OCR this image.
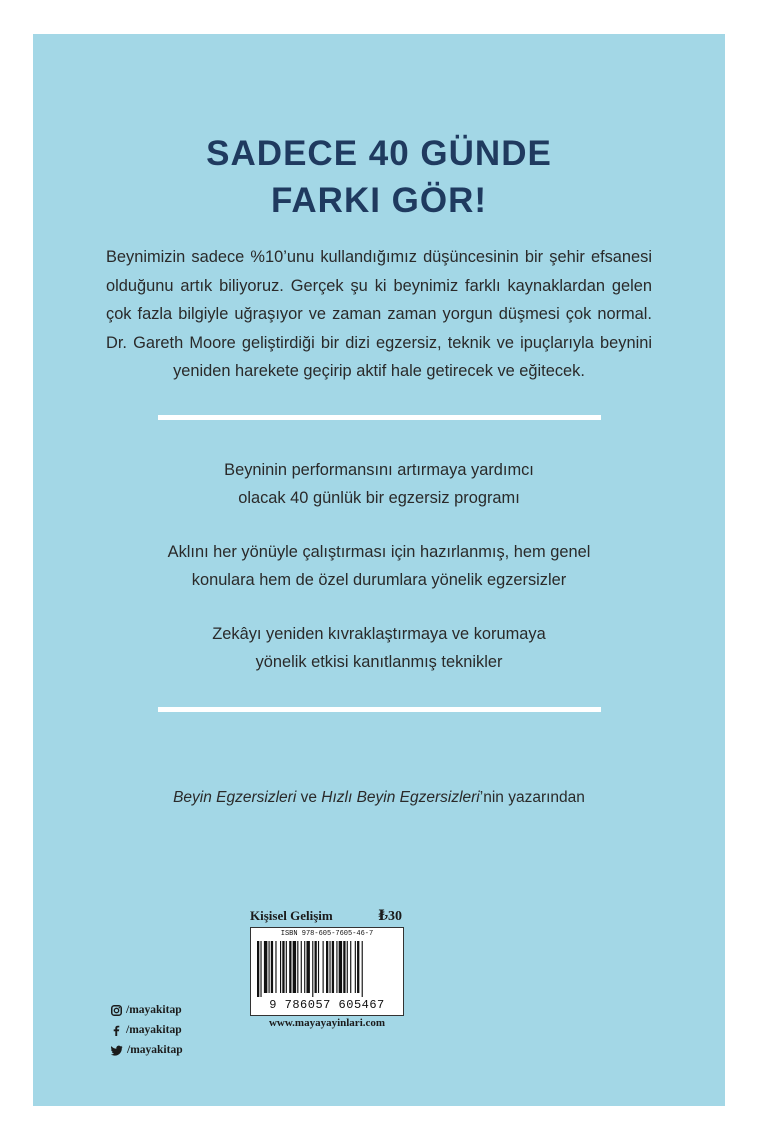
SADECE 40 GÜNDE
FARKI GÖR!
Beynimizin sadece %10’unu kullandığımız düşüncesinin bir şehir efsanesi olduğunu artık biliyoruz. Gerçek şu ki beynimiz farklı kaynaklardan gelen çok fazla bilgiyle uğraşıyor ve zaman zaman yorgun düşmesi çok normal. Dr. Gareth Moore geliştirdiği bir dizi egzersiz, teknik ve ipuçlarıyla beynini yeniden harekete geçirip aktif hale getirecek ve eğitecek.
Beyninin performansını artırmaya yardımcı
olacak 40 günlük bir egzersiz programı
Aklını her yönüyle çalıştırması için hazırlanmış, hem genel
konulara hem de özel durumlara yönelik egzersizler
Zekâyı yeniden kıvraklaştırmaya ve korumaya
yönelik etkisi kanıtlanmış teknikler
Beyin Egzersizleri ve Hızlı Beyin Egzersizleri’nin yazarından
/mayakitap
/mayakitap
/mayakitap
Kişisel Gelişim	₺30
ISBN 978-605-7605-46-7
9 786057 605467
www.mayayayinlari.com
